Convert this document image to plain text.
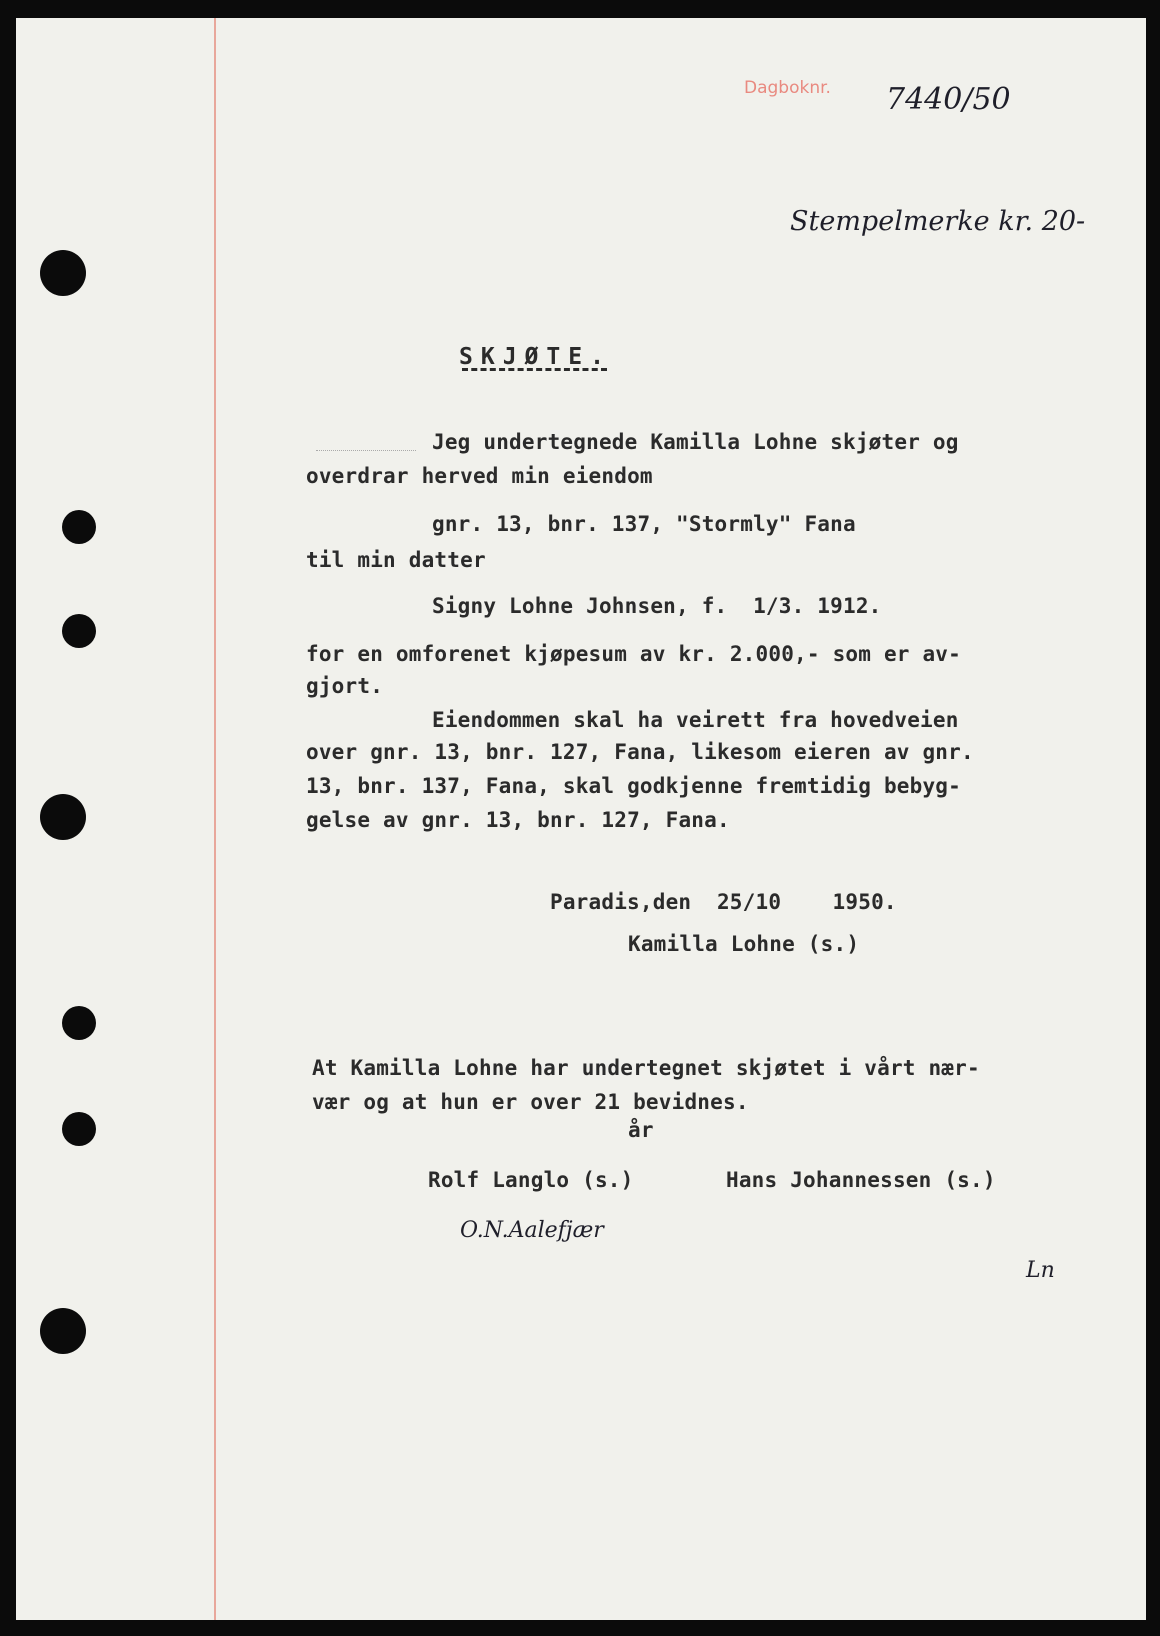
Dagboknr. 7440/50
Stempelmerke kr. 20-

SKJØTE.

Jeg undertegnede Kamilla Lohne skjøter og

overdrar herved min eiendom

gnr. 13, bnr. 137, "Stormly" Fana

til min datter

Signy Lohne Johnsen, f.  1/3. 1912.

for en omforenet kjøpesum av kr. 2.000,- som er av-

gjort.

Eiendommen skal ha veirett fra hovedveien

over gnr. 13, bnr. 127, Fana, likesom eieren av gnr.

13, bnr. 137, Fana, skal godkjenne fremtidig bebyg-

gelse av gnr. 13, bnr. 127, Fana.

Paradis,den  25/10    1950.

Kamilla Lohne (s.)

At Kamilla Lohne har undertegnet skjøtet i vårt nær-

vær og at hun er over 21 bevidnes.

år

Rolf Langlo (s.)	Hans Johannessen (s.)

O.N.Aalefjær
Ln
